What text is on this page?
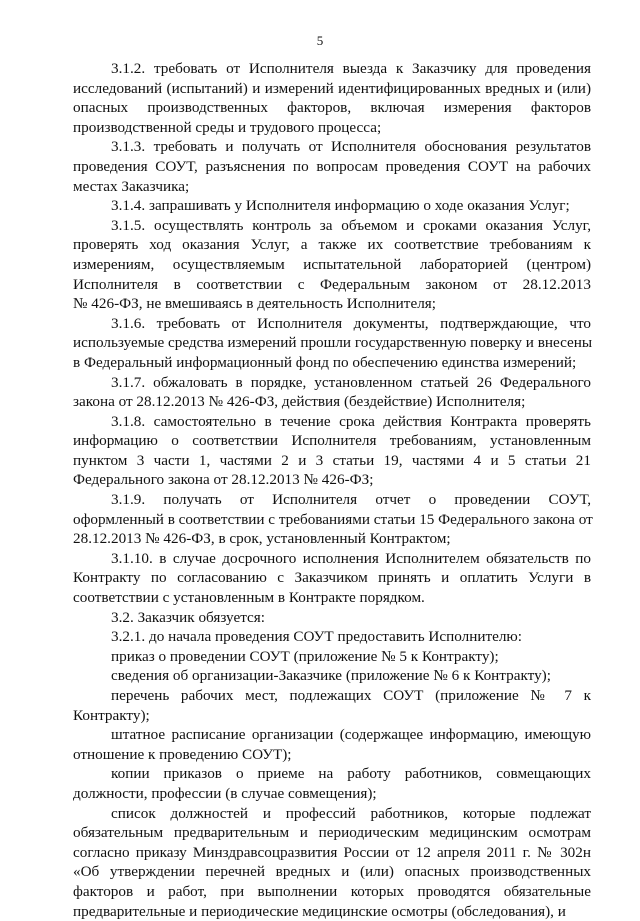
5
3.1.2. требовать от Исполнителя выезда к Заказчику для проведения
исследований (испытаний) и измерений идентифицированных вредных и (или)
опасных производственных факторов, включая измерения факторов
производственной среды и трудового процесса;
3.1.3. требовать и получать от Исполнителя обоснования результатов
проведения СОУТ, разъяснения по вопросам проведения СОУТ на рабочих
местах Заказчика;
3.1.4. запрашивать у Исполнителя информацию о ходе оказания Услуг;
3.1.5. осуществлять контроль за объемом и сроками оказания Услуг,
проверять ход оказания Услуг, а также их соответствие требованиям к
измерениям, осуществляемым испытательной лабораторией (центром)
Исполнителя в соответствии с Федеральным законом от 28.12.2013
№ 426-ФЗ, не вмешиваясь в деятельность Исполнителя;
3.1.6. требовать от Исполнителя документы, подтверждающие, что
используемые средства измерений прошли государственную поверку и внесены
в Федеральный информационный фонд по обеспечению единства измерений;
3.1.7. обжаловать в порядке, установленном статьей 26 Федерального
закона от 28.12.2013 № 426-ФЗ, действия (бездействие) Исполнителя;
3.1.8. самостоятельно в течение срока действия Контракта проверять
информацию о соответствии Исполнителя требованиям, установленным
пунктом 3 части 1, частями 2 и 3 статьи 19, частями 4 и 5 статьи 21
Федерального закона от 28.12.2013 № 426-ФЗ;
3.1.9. получать от Исполнителя отчет о проведении СОУТ,
оформленный в соответствии с требованиями статьи 15 Федерального закона от
28.12.2013 № 426-ФЗ, в срок, установленный Контрактом;
3.1.10. в случае досрочного исполнения Исполнителем обязательств по
Контракту по согласованию с Заказчиком принять и оплатить Услуги в
соответствии с установленным в Контракте порядком.
3.2. Заказчик обязуется:
3.2.1. до начала проведения СОУТ предоставить Исполнителю:
приказ о проведении СОУТ (приложение № 5 к Контракту);
сведения об организации-Заказчике (приложение № 6 к Контракту);
перечень рабочих мест, подлежащих СОУТ (приложение № 7 к
Контракту);
штатное расписание организации (содержащее информацию, имеющую
отношение к проведению СОУТ);
копии приказов о приеме на работу работников, совмещающих
должности, профессии (в случае совмещения);
список должностей и профессий работников, которые подлежат
обязательным предварительным и периодическим медицинским осмотрам
согласно приказу Минздравсоцразвития России от 12 апреля 2011 г. № 302н
«Об утверждении перечней вредных и (или) опасных производственных
факторов и работ, при выполнении которых проводятся обязательные
предварительные и периодические медицинские осмотры (обследования), и
